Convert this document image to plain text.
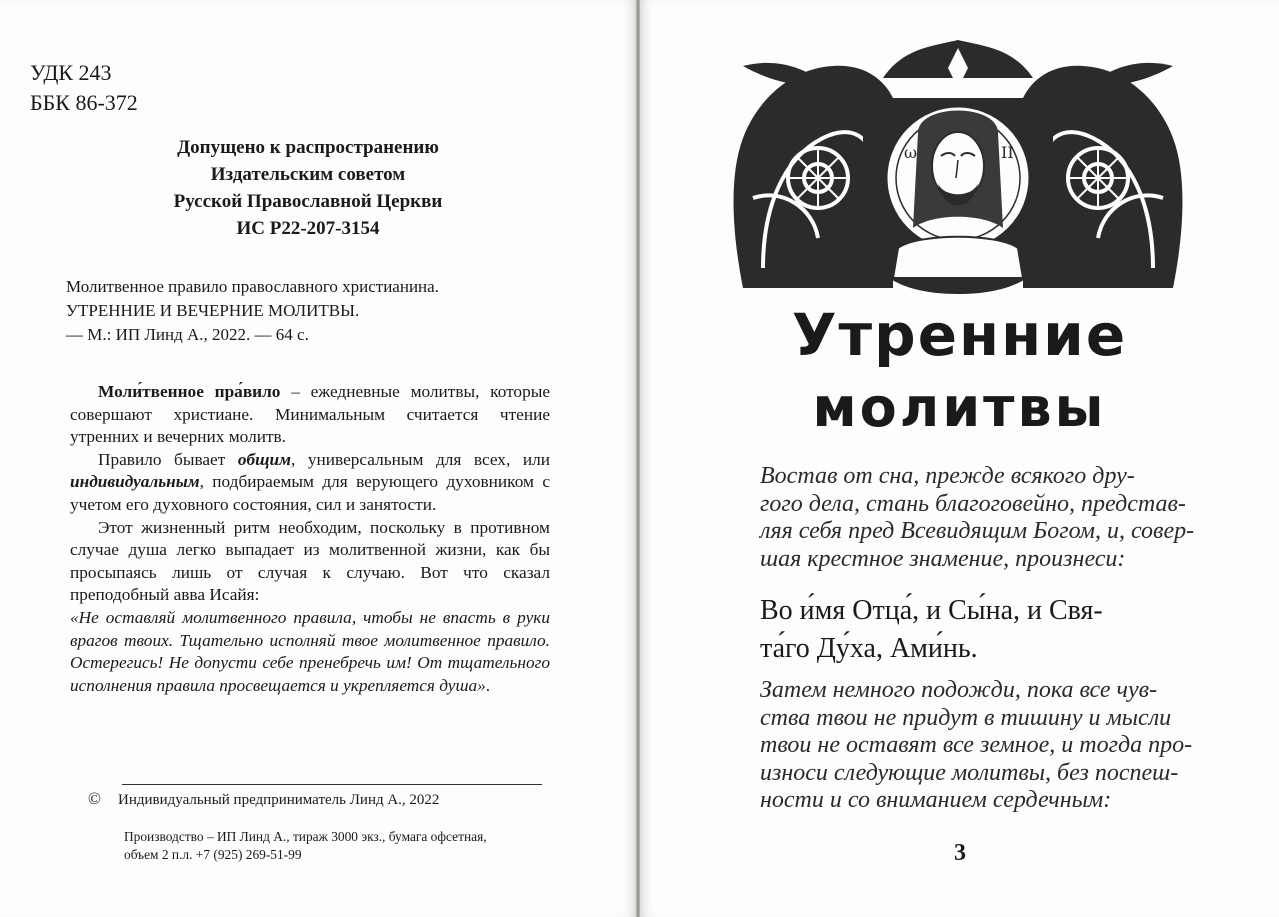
УДК 243
ББК 86-372
Допущено к распространению
Издательским советом
Русской Православной Церкви
ИС Р22-207-3154
Молитвенное правило православного христианина.
УТРЕННИЕ И ВЕЧЕРНИЕ МОЛИТВЫ.
— М.: ИП Линд А., 2022. — 64 с.

Моли́твенное пра́вило – ежедневные молитвы, которые совершают христиане. Минимальным считается чтение утренних и вечерних молитв.

Правило бывает общим, универсальным для всех, или индивидуальным, подбираемым для верующего духовником с учетом его духовного состояния, сил и занятости.

Этот жизненный ритм необходим, поскольку в противном случае душа легко выпадает из молитвенной жизни, как бы просыпаясь лишь от случая к случаю. Вот что сказал преподобный авва Исайя:

«Не оставляй молитвенного правила, чтобы не впасть в руки врагов твоих. Тщательно исполняй твое молитвенное правило. Остерегись! Не допусти себе пренебречь им! От тщательного исполнения правила просвещается и укрепляется душа».

© Индивидуальный предприниматель Линд А., 2022
Производство – ИП Линд А., тираж 3000 экз., бумага офсетная,
объем 2 п.л. +7 (925) 269-51-99
ω	II
Утренние
молитвы
Востав от сна, прежде всякого дру-
гого дела, стань благоговейно, представ-
ляя себя пред Всевидящим Богом, и, совер-
шая крестное знамение, произнеси:
Во и́мя Отца́, и Сы́на, и Свя-
та́го Ду́ха, Ами́нь.
Затем немного подожди, пока все чув-
ства твои не придут в тишину и мысли
твои не оставят все земное, и тогда про-
износи следующие молитвы, без поспеш-
ности и со вниманием сердечным:
3
